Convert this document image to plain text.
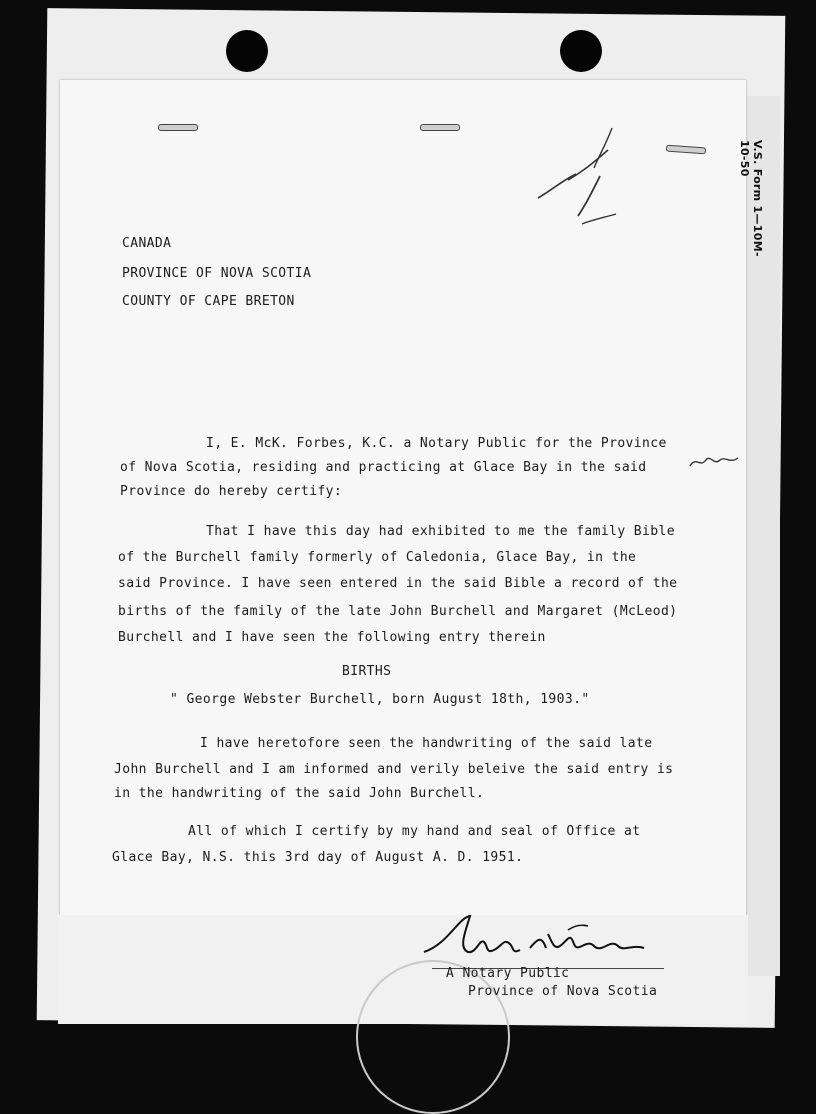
V.S. Form 1—10M-10-50
CANADA
PROVINCE OF NOVA SCOTIA
COUNTY OF CAPE BRETON
I, E. McK. Forbes, K.C. a Notary Public for the Province
of Nova Scotia, residing and practicing at Glace Bay in the said
Province do hereby certify:
That I have this day had exhibited to me the family Bible
of the Burchell family formerly of Caledonia, Glace Bay, in the
said Province. I have seen entered in the said Bible a record of the
births of the family of the late John Burchell and Margaret (McLeod)
Burchell and I have seen the following entry therein
BIRTHS
" George Webster Burchell, born August 18th, 1903."
I have heretofore seen the handwriting of the said late
John Burchell and I am informed and verily beleive the said entry is
in the handwriting of the said John Burchell.
All of which I certify by my hand and seal of Office at
Glace Bay, N.S. this 3rd day of August A. D. 1951.
A Notary Public
Province of Nova Scotia
